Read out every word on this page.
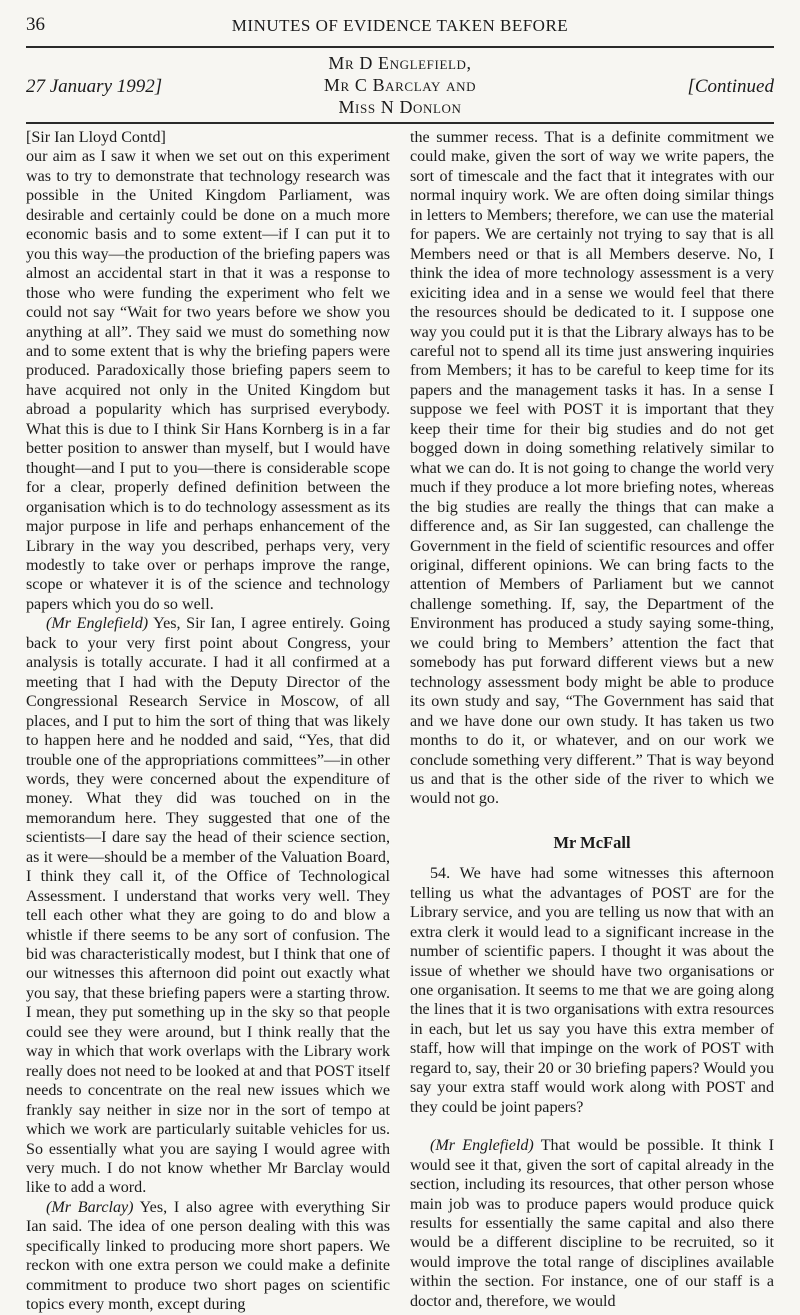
36	MINUTES OF EVIDENCE TAKEN BEFORE
Mr D Englefield,
Mr C Barclay and
Miss N Donlon
27 January 1992]	[Continued

[Sir Ian Lloyd Contd]

our aim as I saw it when we set out on this experiment was to try to demonstrate that technology research was possible in the United Kingdom Parliament, was desirable and certainly could be done on a much more economic basis and to some extent—if I can put it to you this way—the production of the briefing papers was almost an accidental start in that it was a response to those who were funding the experiment who felt we could not say “Wait for two years before we show you anything at all”. They said we must do something now and to some extent that is why the briefing papers were produced. Paradoxically those briefing papers seem to have acquired not only in the United Kingdom but abroad a popularity which has surprised everybody. What this is due to I think Sir Hans Kornberg is in a far better position to answer than myself, but I would have thought—and I put to you—there is considerable scope for a clear, properly defined definition between the organisation which is to do technology assessment as its major purpose in life and perhaps enhancement of the Library in the way you described, perhaps very, very modestly to take over or perhaps improve the range, scope or whatever it is of the science and technology papers which you do so well.

(Mr Englefield) Yes, Sir Ian, I agree entirely. Going back to your very first point about Congress, your analysis is totally accurate. I had it all confirmed at a meeting that I had with the Deputy Director of the Congressional Research Service in Moscow, of all places, and I put to him the sort of thing that was likely to happen here and he nodded and said, “Yes, that did trouble one of the appropriations committees”—in other words, they were concerned about the expenditure of money. What they did was touched on in the memorandum here. They suggested that one of the scientists—I dare say the head of their science section, as it were—should be a member of the Valuation Board, I think they call it, of the Office of Technological Assessment. I understand that works very well. They tell each other what they are going to do and blow a whistle if there seems to be any sort of confusion. The bid was characteristically modest, but I think that one of our witnesses this afternoon did point out exactly what you say, that these briefing papers were a starting throw. I mean, they put something up in the sky so that people could see they were around, but I think really that the way in which that work overlaps with the Library work really does not need to be looked at and that POST itself needs to concentrate on the real new issues which we frankly say neither in size nor in the sort of tempo at which we work are particularly suitable vehicles for us. So essentially what you are saying I would agree with very much. I do not know whether Mr Barclay would like to add a word.

(Mr Barclay) Yes, I also agree with everything Sir Ian said. The idea of one person dealing with this was specifically linked to producing more short papers. We reckon with one extra person we could make a definite commitment to produce two short pages on scientific topics every month, except during

the summer recess. That is a definite commitment we could make, given the sort of way we write papers, the sort of timescale and the fact that it integrates with our normal inquiry work. We are often doing similar things in letters to Members; therefore, we can use the material for papers. We are certainly not trying to say that is all Members need or that is all Members deserve. No, I think the idea of more technology assessment is a very exiciting idea and in a sense we would feel that there the resources should be dedicated to it. I suppose one way you could put it is that the Library always has to be careful not to spend all its time just answering inquiries from Members; it has to be careful to keep time for its papers and the management tasks it has. In a sense I suppose we feel with POST it is important that they keep their time for their big studies and do not get bogged down in doing something relatively similar to what we can do. It is not going to change the world very much if they produce a lot more briefing notes, whereas the big studies are really the things that can make a difference and, as Sir Ian suggested, can challenge the Government in the field of scientific resources and offer original, different opinions. We can bring facts to the attention of Members of Parliament but we cannot challenge something. If, say, the Department of the Environment has produced a study saying some-thing, we could bring to Members’ attention the fact that somebody has put forward different views but a new technology assessment body might be able to produce its own study and say, “The Government has said that and we have done our own study. It has taken us two months to do it, or whatever, and on our work we conclude something very different.” That is way beyond us and that is the other side of the river to which we would not go.

Mr McFall

54. We have had some witnesses this afternoon telling us what the advantages of POST are for the Library service, and you are telling us now that with an extra clerk it would lead to a significant increase in the number of scientific papers. I thought it was about the issue of whether we should have two organisations or one organisation. It seems to me that we are going along the lines that it is two organisations with extra resources in each, but let us say you have this extra member of staff, how will that impinge on the work of POST with regard to, say, their 20 or 30 briefing papers? Would you say your extra staff would work along with POST and they could be joint papers?

(Mr Englefield) That would be possible. It think I would see it that, given the sort of capital already in the section, including its resources, that other person whose main job was to produce papers would produce quick results for essentially the same capital and also there would be a different discipline to be recruited, so it would improve the total range of disciplines available within the section. For instance, one of our staff is a doctor and, therefore, we would
